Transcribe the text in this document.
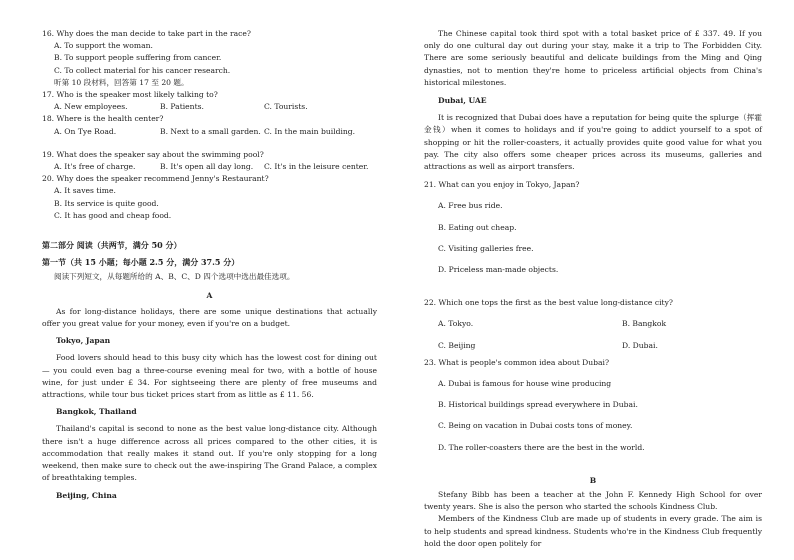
16. Why does the man decide to take part in the race?

A. To support the woman.

B. To support people suffering from cancer.

C. To collect material for his cancer research.

听第 10 段材料，回答第 17 至 20 题。

17. Who is the speaker most likely talking to?

A. New employees.	B. Patients.	C. Tourists.

18. Where is the health center?

A. On Tye Road.	B. Next to a small garden. C. In the main building.

19. What does the speaker say about the swimming pool?

A. It's free of charge.	B. It's open all day long.	C. It's in the leisure center.

20. Why does the speaker recommend Jenny's Restaurant?

A. It saves time.

B. Its service is quite good.

C. It has good and cheap food.

第二部分 阅读（共两节，满分 50 分）

第一节（共 15 小题；每小题 2.5 分，满分 37.5 分）

阅读下列短文，从每题所给的 A、B、C、D 四个选项中选出最佳选项。

A

As for long-distance holidays, there are some unique destinations that actually offer you great value for your money, even if you're on a budget.

Tokyo, Japan

Food lovers should head to this busy city which has the lowest cost for dining out — you could even bag a three-course evening meal for two, with a bottle of house wine, for just under £ 34. For sightseeing there are plenty of free museums and attractions, while tour bus ticket prices start from as little as £ 11. 56.

Bangkok, Thailand

Thailand's capital is second to none as the best value long-distance city. Although there isn't a huge difference across all prices compared to the other cities, it is accommodation that really makes it stand out. If you're only stopping for a long weekend, then make sure to check out the awe-inspiring The Grand Palace, a complex of breathtaking temples.

Beijing, China

The Chinese capital took third spot with a total basket price of £ 337. 49. If you only do one cultural day out during your stay, make it a trip to The Forbidden City. There are some seriously beautiful and delicate buildings from the Ming and Qing dynasties, not to mention they're home to priceless artificial objects from China's historical milestones.

Dubai, UAE

It is recognized that Dubai does have a reputation for being quite the splurge（挥霍金钱）when it comes to holidays and if you're going to addict yourself to a spot of shopping or hit the roller-coasters, it actually provides quite good value for what you pay. The city also offers some cheaper prices across its museums, galleries and attractions as well as airport transfers.

21. What can you enjoy in Tokyo, Japan?

A. Free bus ride.

B. Eating out cheap.

C. Visiting galleries free.

D. Priceless man-made objects.

22. Which one tops the first as the best value long-distance city?

A. Tokyo.	B. Bangkok
C. Beijing	D. Dubai.

23. What is people's common idea about Dubai?

A. Dubai is famous for house wine producing

B. Historical buildings spread everywhere in Dubai.

C. Being on vacation in Dubai costs tons of money.

D. The roller-coasters there are the best in the world.

B

Stefany Bibb has been a teacher at the John F. Kennedy High School for over twenty years. She is also the person who started the schools Kindness Club.

Members of the Kindness Club are made up of students in every grade. The aim is to help students and spread kindness. Students who're in the Kindness Club frequently hold the door open politely for
